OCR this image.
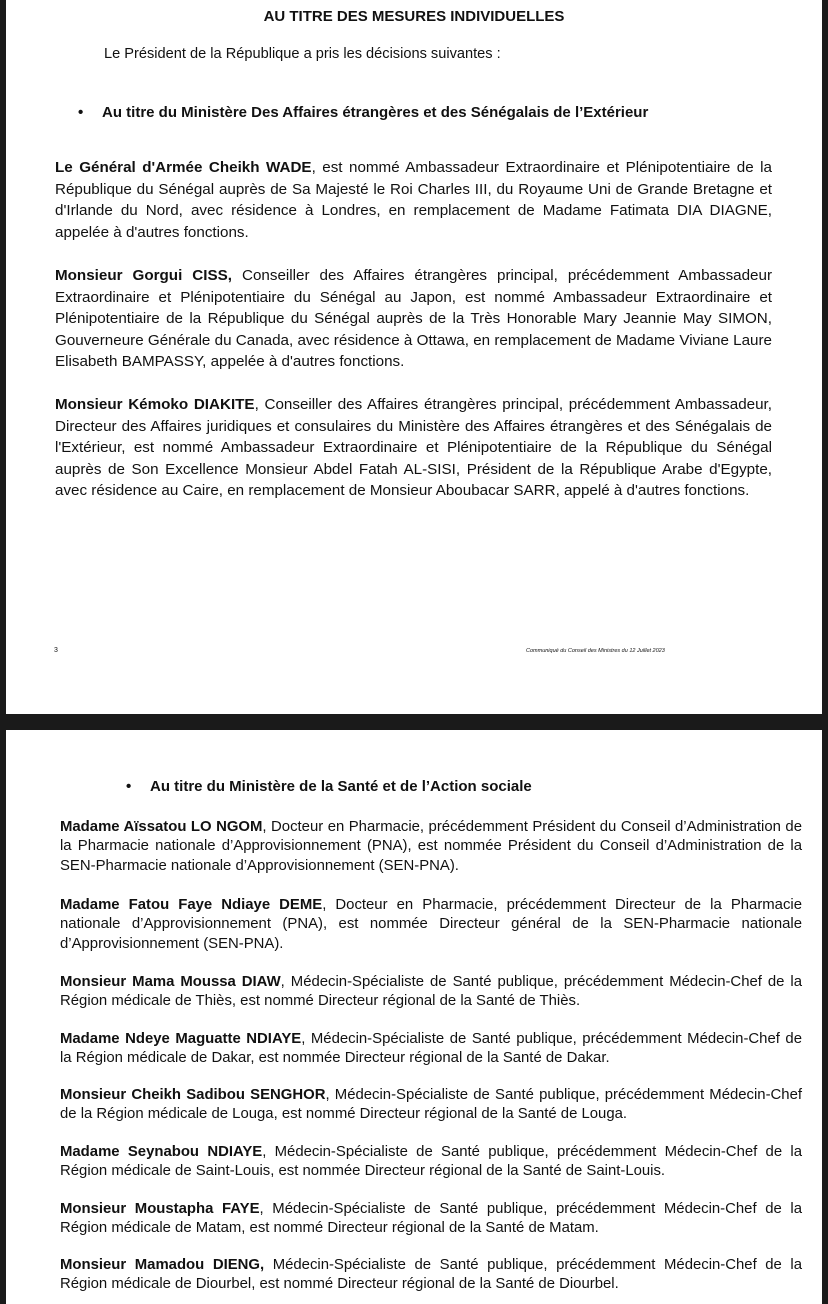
AU TITRE DES MESURES INDIVIDUELLES
Le Président de la République a pris les décisions suivantes :
• Au titre du Ministère Des Affaires étrangères et des Sénégalais de l’Extérieur

Le Général d'Armée Cheikh WADE, est nommé Ambassadeur Extraordinaire et Plénipotentiaire de la République du Sénégal auprès de Sa Majesté le Roi Charles III, du Royaume Uni de Grande Bretagne et d'Irlande du Nord, avec résidence à Londres, en remplacement de Madame Fatimata DIA DIAGNE, appelée à d'autres fonctions.

Monsieur Gorgui CISS, Conseiller des Affaires étrangères principal, précédemment Ambassadeur Extraordinaire et Plénipotentiaire du Sénégal au Japon, est nommé Ambassadeur Extraordinaire et Plénipotentiaire de la République du Sénégal auprès de la Très Honorable Mary Jeannie May SIMON, Gouverneure Générale du Canada, avec résidence à Ottawa, en remplacement de Madame Viviane Laure Elisabeth BAMPASSY, appelée à d'autres fonctions.

Monsieur Kémoko DIAKITE, Conseiller des Affaires étrangères principal, précédemment Ambassadeur, Directeur des Affaires juridiques et consulaires du Ministère des Affaires étrangères et des Sénégalais de l'Extérieur, est nommé Ambassadeur Extraordinaire et Plénipotentiaire de la République du Sénégal auprès de Son Excellence Monsieur Abdel Fatah AL-SISI, Président de la République Arabe d'Egypte, avec résidence au Caire, en remplacement de Monsieur Aboubacar SARR, appelé à d'autres fonctions.

3	Communiqué du Conseil des Ministres du 12 Juillet 2023
• Au titre du Ministère de la Santé et de l’Action sociale

Madame Aïssatou LO NGOM, Docteur en Pharmacie, précédemment Président du Conseil d’Administration de la Pharmacie nationale d’Approvisionnement (PNA), est nommée Président du Conseil d’Administration de la SEN-Pharmacie nationale d’Approvisionnement (SEN-PNA).

Madame Fatou Faye Ndiaye DEME, Docteur en Pharmacie, précédemment Directeur de la Pharmacie nationale d’Approvisionnement (PNA), est nommée Directeur général de la SEN-Pharmacie nationale d’Approvisionnement (SEN-PNA).

Monsieur Mama Moussa DIAW, Médecin-Spécialiste de Santé publique, précédemment Médecin-Chef de la Région médicale de Thiès, est nommé Directeur régional de la Santé de Thiès.

Madame Ndeye Maguatte NDIAYE, Médecin-Spécialiste de Santé publique, précédemment Médecin-Chef de la Région médicale de Dakar, est nommée Directeur régional de la Santé de Dakar.

Monsieur Cheikh Sadibou SENGHOR, Médecin-Spécialiste de Santé publique, précédemment Médecin-Chef de la Région médicale de Louga, est nommé Directeur régional de la Santé de Louga.

Madame Seynabou NDIAYE, Médecin-Spécialiste de Santé publique, précédemment Médecin-Chef de la Région médicale de Saint-Louis, est nommée Directeur régional de la Santé de Saint-Louis.

Monsieur Moustapha FAYE, Médecin-Spécialiste de Santé publique, précédemment Médecin-Chef de la Région médicale de Matam, est nommé Directeur régional de la Santé de Matam.

Monsieur Mamadou DIENG, Médecin-Spécialiste de Santé publique, précédemment Médecin-Chef de la Région médicale de Diourbel, est nommé Directeur régional de la Santé de Diourbel.
